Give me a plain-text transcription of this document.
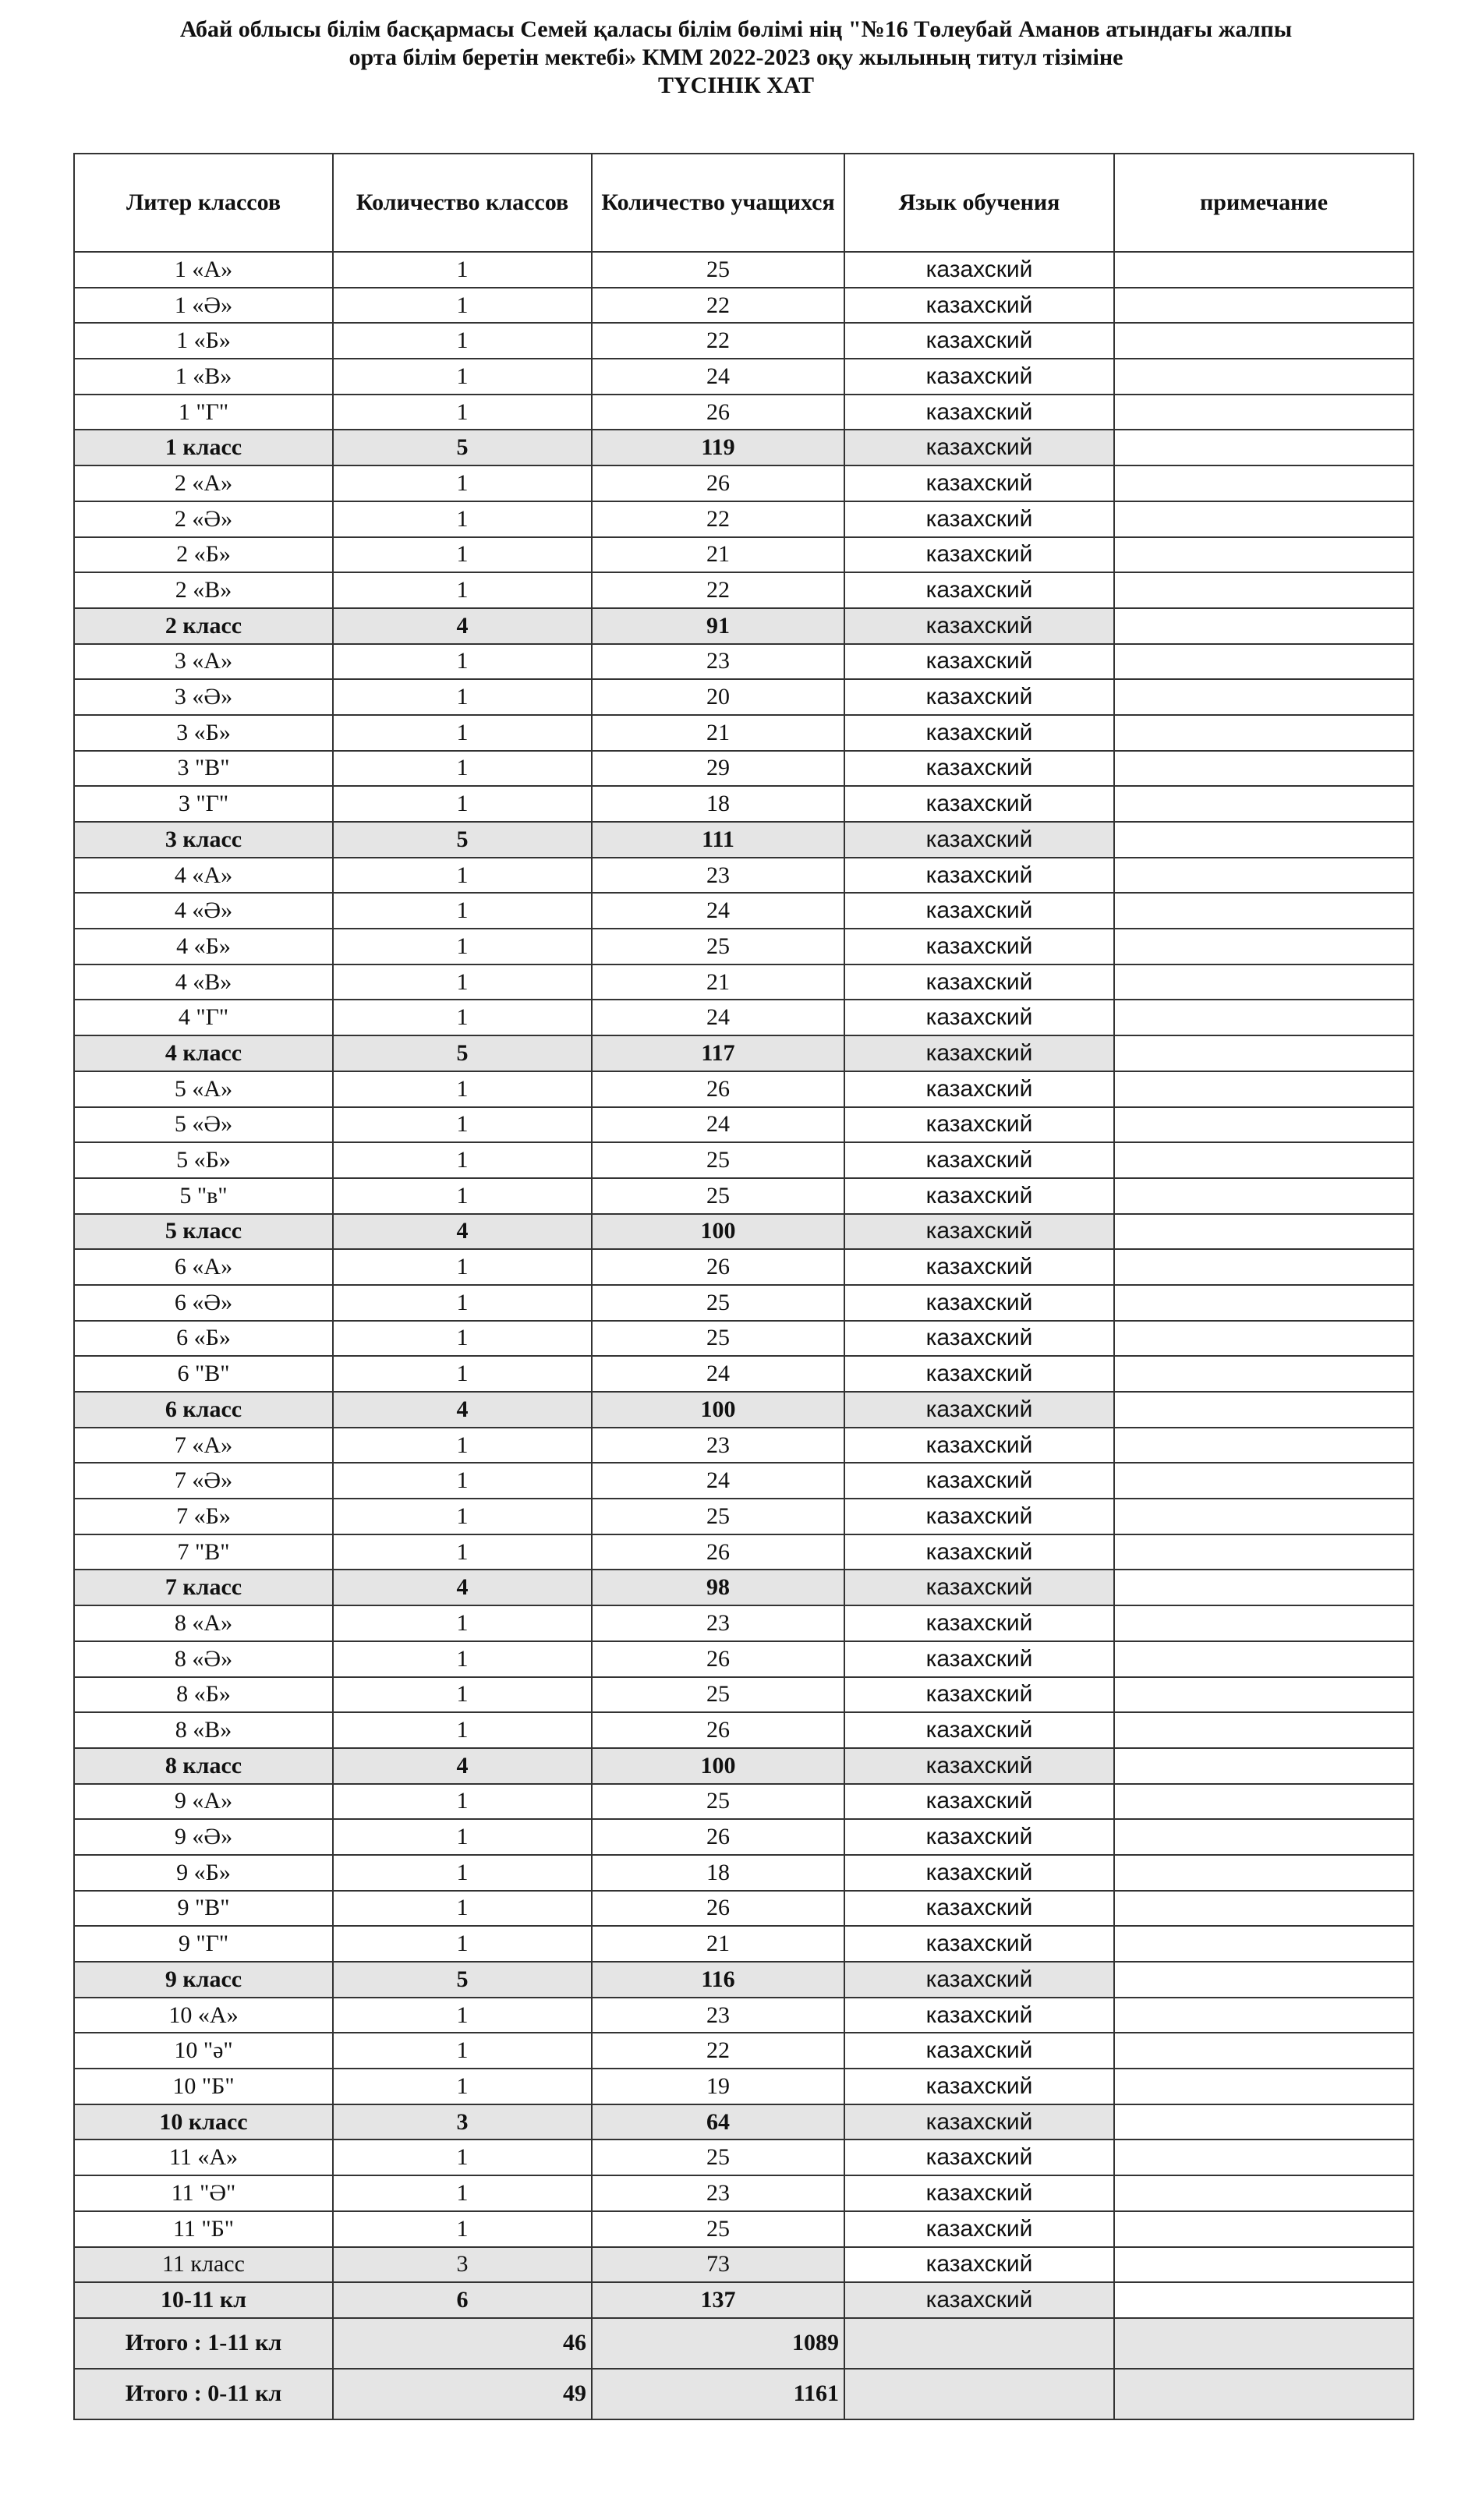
Абай облысы білім басқармасы Семей қаласы білім бөлімі нің "№16 Төлеубай Аманов атындағы жалпы
орта білім беретін мектебі» КММ 2022-2023 оқу жылының титул тізіміне
ТҮСІНІК ХАТ
Литер классов	Количество классов	Количество учащихся	Язык обучения	примечание
1 «А»	1	25	казахский	
1 «Ә»	1	22	казахский	
1 «Б»	1	22	казахский	
1 «В»	1	24	казахский	
1 "Г"	1	26	казахский	
1 класс	5	119	казахский	
2 «А»	1	26	казахский	
2 «Ә»	1	22	казахский	
2 «Б»	1	21	казахский	
2 «В»	1	22	казахский	
2 класс	4	91	казахский	
3 «А»	1	23	казахский	
3 «Ә»	1	20	казахский	
3 «Б»	1	21	казахский	
3 "В"	1	29	казахский	
3 "Г"	1	18	казахский	
3 класс	5	111	казахский	
4 «А»	1	23	казахский	
4 «Ә»	1	24	казахский	
4 «Б»	1	25	казахский	
4 «В»	1	21	казахский	
4 "Г"	1	24	казахский	
4 класс	5	117	казахский	
5 «А»	1	26	казахский	
5 «Ә»	1	24	казахский	
5 «Б»	1	25	казахский	
5 "в"	1	25	казахский	
5 класс	4	100	казахский	
6 «А»	1	26	казахский	
6 «Ә»	1	25	казахский	
6 «Б»	1	25	казахский	
6 "В"	1	24	казахский	
6 класс	4	100	казахский	
7 «А»	1	23	казахский	
7 «Ә»	1	24	казахский	
7 «Б»	1	25	казахский	
7 "В"	1	26	казахский	
7 класс	4	98	казахский	
8 «А»	1	23	казахский	
8 «Ә»	1	26	казахский	
8 «Б»	1	25	казахский	
8 «В»	1	26	казахский	
8 класс	4	100	казахский	
9 «А»	1	25	казахский	
9 «Ә»	1	26	казахский	
9 «Б»	1	18	казахский	
9 "В"	1	26	казахский	
9 "Г"	1	21	казахский	
9 класс	5	116	казахский	
10 «А»	1	23	казахский	
10 "ә"	1	22	казахский	
10 "Б"	1	19	казахский	
10 класс	3	64	казахский	
11 «А»	1	25	казахский	
11 "Ә"	1	23	казахский	
11 "Б"	1	25	казахский	
11 класс	3	73	казахский	
10-11 кл	6	137	казахский	
Итого : 1-11 кл	46	1089		
Итого : 0-11 кл	49	1161		
